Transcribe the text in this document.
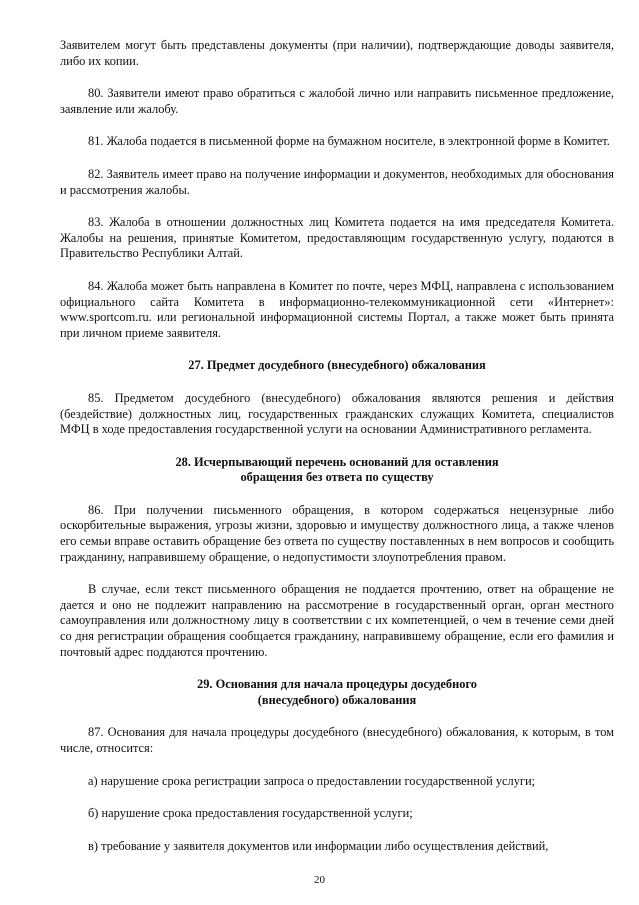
Заявителем могут быть представлены документы (при наличии), подтверждающие доводы заявителя, либо их копии.

80. Заявители имеют право обратиться с жалобой лично или направить письменное предложение, заявление или жалобу.

81. Жалоба подается в письменной форме на бумажном носителе, в электронной форме в Комитет.

82. Заявитель имеет право на получение информации и документов, необходимых для обоснования и рассмотрения жалобы.

83. Жалоба в отношении должностных лиц Комитета подается на имя председателя Комитета. Жалобы на решения, принятые Комитетом, предоставляющим государственную услугу, подаются в Правительство Республики Алтай.

84. Жалоба может быть направлена в Комитет по почте, через МФЦ, направлена с использованием официального сайта Комитета в информационно-телекоммуникационной сети «Интернет»: www.sportcom.ru. или региональной информационной системы Портал, а также может быть принята при личном приеме заявителя.

27. Предмет досудебного (внесудебного) обжалования

85. Предметом досудебного (внесудебного) обжалования являются решения и действия (бездействие) должностных лиц, государственных гражданских служащих Комитета, специалистов МФЦ в ходе предоставления государственной услуги на основании Административного регламента.

28. Исчерпывающий перечень оснований для оставления
обращения без ответа по существу

86. При получении письменного обращения, в котором содержаться нецензурные либо оскорбительные выражения, угрозы жизни, здоровью и имуществу должностного лица, а также членов его семьи вправе оставить обращение без ответа по существу поставленных в нем вопросов и сообщить гражданину, направившему обращение, о недопустимости злоупотребления правом.

В случае, если текст письменного обращения не поддается прочтению, ответ на обращение не дается и оно не подлежит направлению на рассмотрение в государственный орган, орган местного самоуправления или должностному лицу в соответствии с их компетенцией, о чем в течение семи дней со дня регистрации обращения сообщается гражданину, направившему обращение, если его фамилия и почтовый адрес поддаются прочтению.

29. Основания для начала процедуры досудебного
(внесудебного) обжалования

87. Основания для начала процедуры досудебного (внесудебного) обжалования, к которым, в том числе, относится:

а) нарушение срока регистрации запроса о предоставлении государственной услуги;

б) нарушение срока предоставления государственной услуги;

в) требование у заявителя документов или информации либо осуществления действий,

20
